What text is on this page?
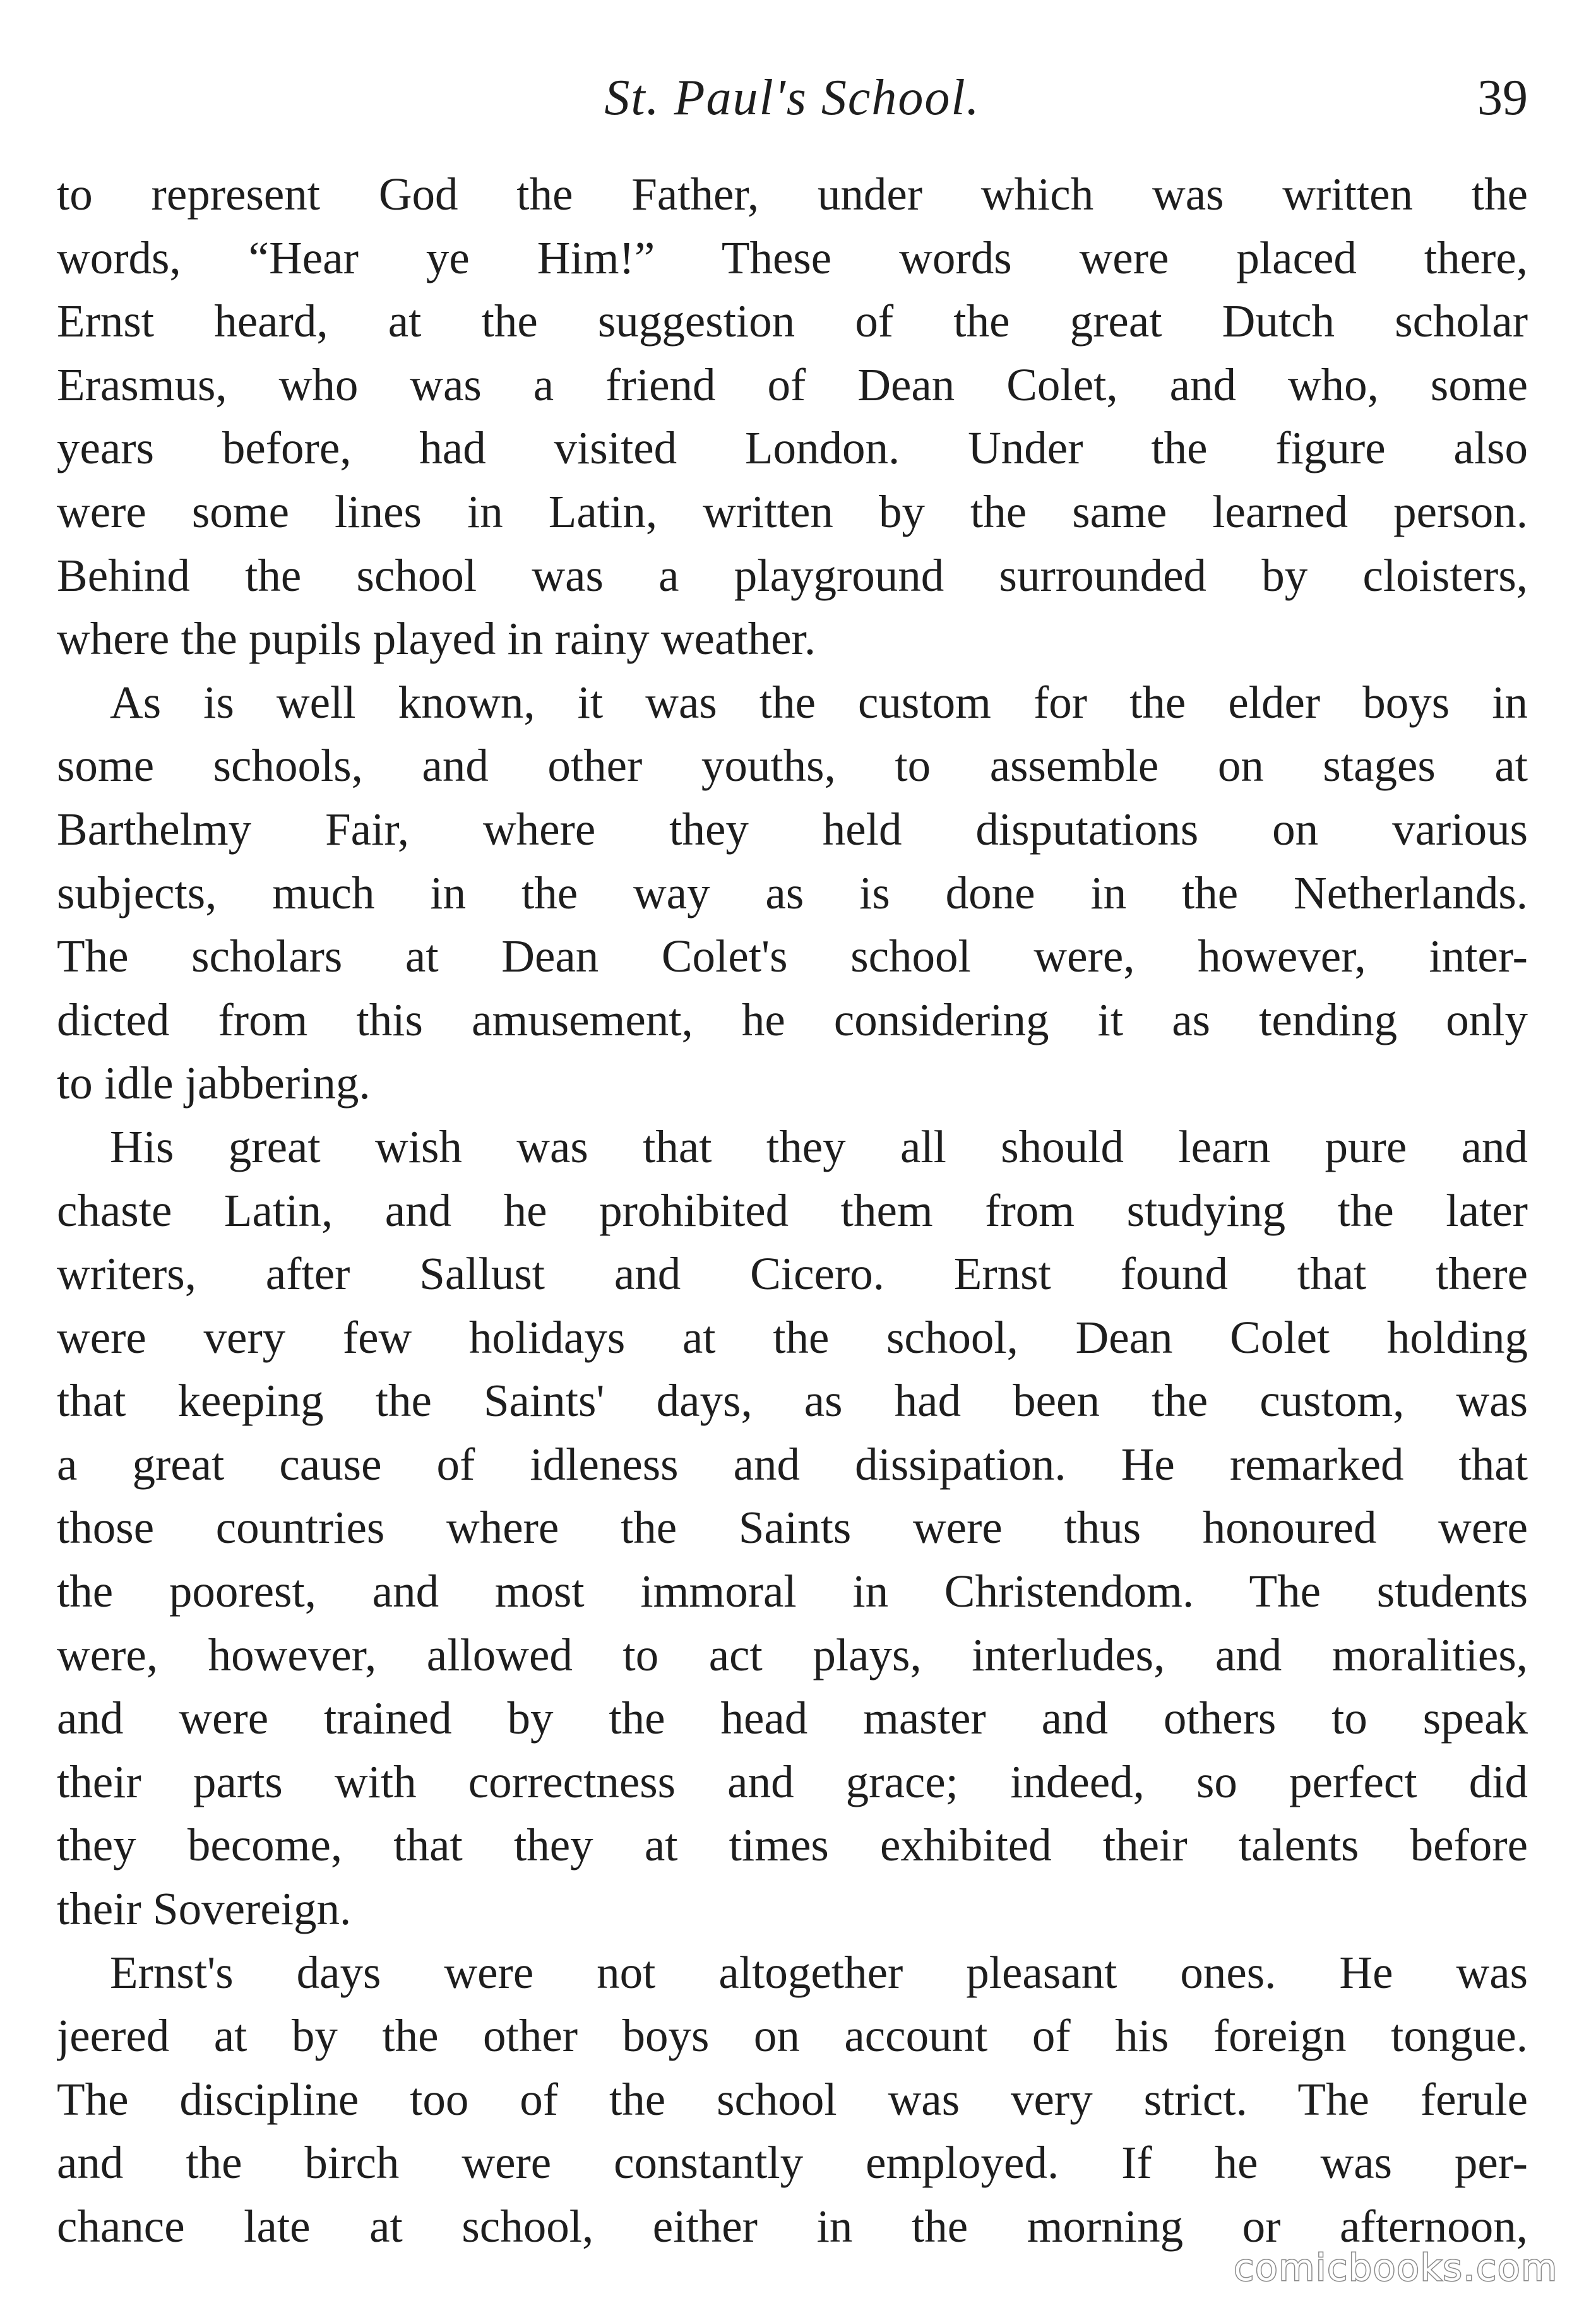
St. Paul's School.	39
to represent God the Father, under which was written the
words, “Hear ye Him!” These words were placed there,
Ernst heard, at the suggestion of the great Dutch scholar
Erasmus, who was a friend of Dean Colet, and who, some
years before, had visited London. Under the figure also
were some lines in Latin, written by the same learned person.
Behind the school was a playground surrounded by cloisters,
where the pupils played in rainy weather.
As is well known, it was the custom for the elder boys in
some schools, and other youths, to assemble on stages at
Barthelmy Fair, where they held disputations on various
subjects, much in the way as is done in the Netherlands.
The scholars at Dean Colet's school were, however, inter-
dicted from this amusement, he considering it as tending only
to idle jabbering.
His great wish was that they all should learn pure and
chaste Latin, and he prohibited them from studying the later
writers, after Sallust and Cicero. Ernst found that there
were very few holidays at the school, Dean Colet holding
that keeping the Saints' days, as had been the custom, was
a great cause of idleness and dissipation. He remarked that
those countries where the Saints were thus honoured were
the poorest, and most immoral in Christendom. The students
were, however, allowed to act plays, interludes, and moralities,
and were trained by the head master and others to speak
their parts with correctness and grace; indeed, so perfect did
they become, that they at times exhibited their talents before
their Sovereign.
Ernst's days were not altogether pleasant ones. He was
jeered at by the other boys on account of his foreign tongue.
The discipline too of the school was very strict. The ferule
and the birch were constantly employed. If he was per-
chance late at school, either in the morning or afternoon,
comicbooks.com
